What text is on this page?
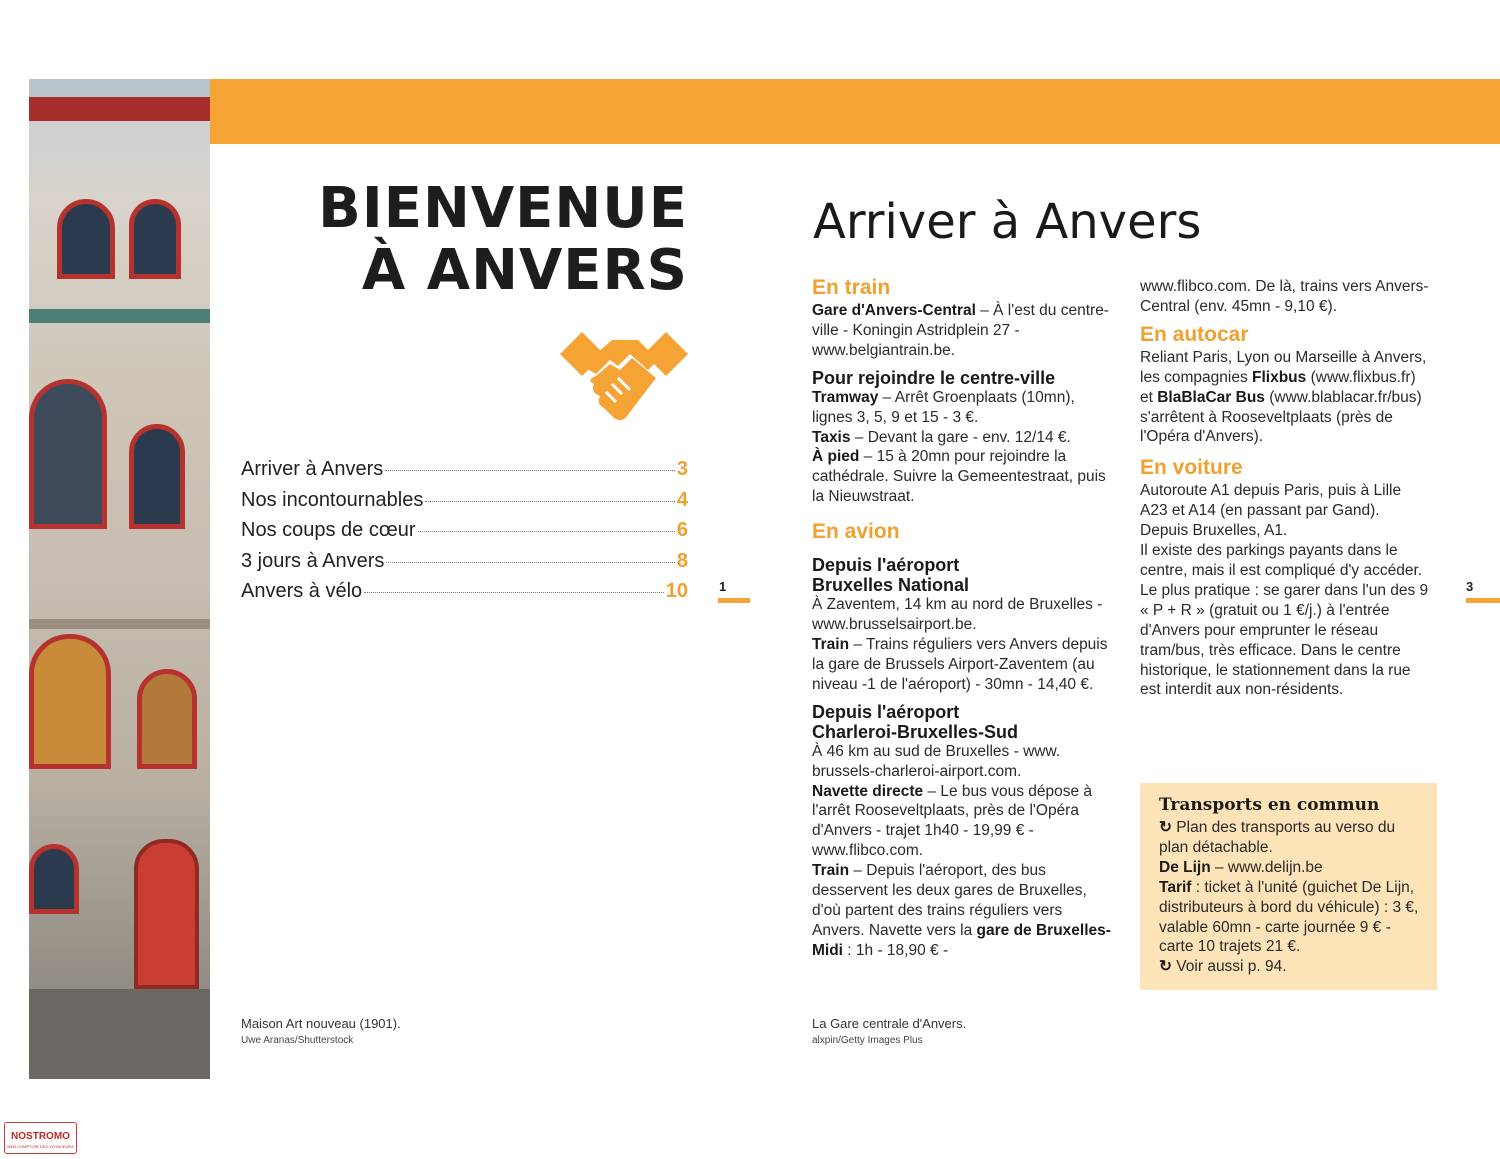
BIENVENUE
À ANVERS
Arriver à Anvers	3
Nos incontournables	4
Nos coups de cœur	6
3 jours à Anvers	8
Anvers à vélo	10 1
Maison Art nouveau (1901).
Uwe Aranas/Shutterstock
Arriver à Anvers

En train

Gare d'Anvers-Central – À l'est du centre-ville - Koningin Astridplein 27 - www.belgiantrain.be.

Pour rejoindre le centre-ville

Tramway – Arrêt Groenplaats (10mn), lignes 3, 5, 9 et 15 - 3 €.

Taxis – Devant la gare - env. 12/14 €.

À pied – 15 à 20mn pour rejoindre la cathédrale. Suivre la Gemeentestraat, puis la Nieuwstraat.

En avion

Depuis l'aéroport

Bruxelles National

À Zaventem, 14 km au nord de Bruxelles - www.brusselsairport.be.

Train – Trains réguliers vers Anvers depuis la gare de Brussels Airport-Zaventem (au niveau -1 de l'aéroport) - 30mn - 14,40 €.

Depuis l'aéroport

Charleroi-Bruxelles-Sud

À 46 km au sud de Bruxelles - www. brussels-charleroi-airport.com.

Navette directe – Le bus vous dépose à l'arrêt Rooseveltplaats, près de l'Opéra d'Anvers - trajet 1h40 - 19,99 € - www.flibco.com.

Train – Depuis l'aéroport, des bus desservent les deux gares de Bruxelles, d'où partent des trains réguliers vers Anvers. Navette vers la gare de Bruxelles-Midi : 1h - 18,90 € -

www.flibco.com. De là, trains vers Anvers-Central (env. 45mn - 9,10 €).

En autocar

Reliant Paris, Lyon ou Marseille à Anvers, les compagnies Flixbus (www.flixbus.fr) et BlaBlaCar Bus (www.blablacar.fr/bus) s'arrêtent à Rooseveltplaats (près de l'Opéra d'Anvers).

En voiture

Autoroute A1 depuis Paris, puis à Lille A23 et A14 (en passant par Gand). Depuis Bruxelles, A1.

Il existe des parkings payants dans le centre, mais il est compliqué d'y accéder. Le plus pratique : se garer dans l'un des 9 « P + R » (gratuit ou 1 €/j.) à l'entrée d'Anvers pour emprunter le réseau tram/bus, très efficace. Dans le centre historique, le stationnement dans la rue est interdit aux non-résidents.

Transports en commun

↻ Plan des transports au verso du plan détachable.

De Lijn – www.delijn.be

Tarif : ticket à l'unité (guichet De Lijn, distributeurs à bord du véhicule) : 3 €, valable 60mn - carte journée 9 € - carte 10 trajets 21 €.

↻ Voir aussi p. 94.

3
La Gare centrale d'Anvers.
alxpin/Getty Images Plus
NOSTROMO
WEB COMPTOIR DES VOYAGEURS
